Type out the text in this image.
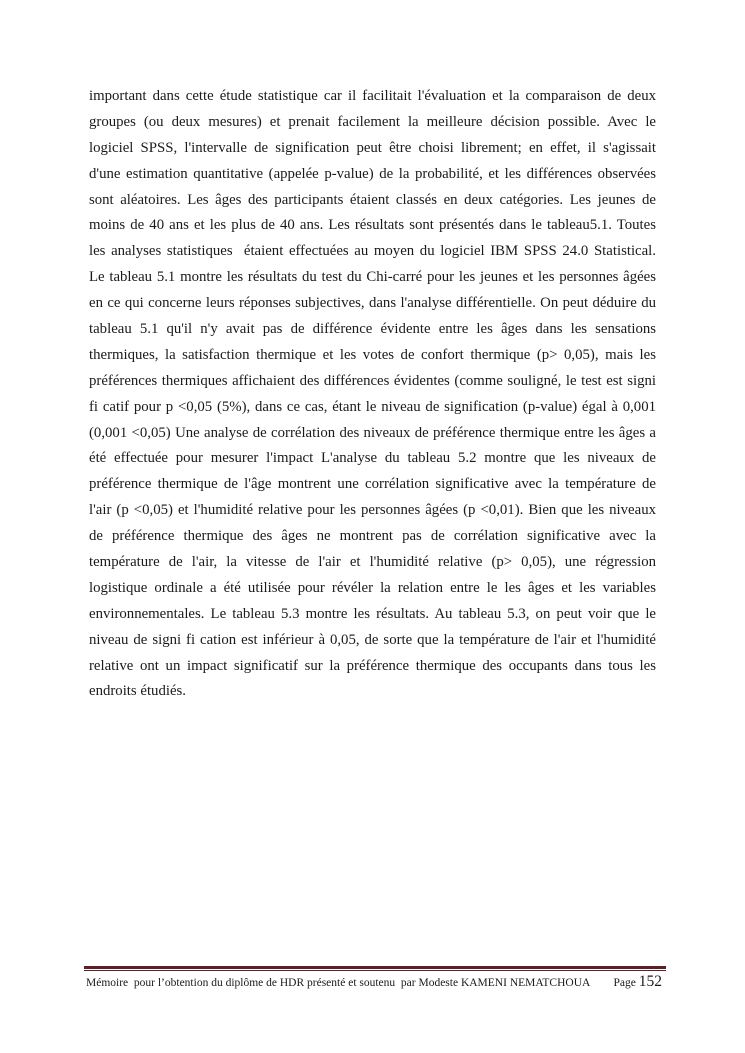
important dans cette étude statistique car il facilitait l'évaluation et la comparaison de deux
groupes (ou deux mesures) et prenait facilement la meilleure décision possible. Avec le
logiciel SPSS, l'intervalle de signification peut être choisi librement; en effet, il s'agissait
d'une estimation quantitative (appelée p-value) de la probabilité, et les différences observées
sont aléatoires. Les âges des participants étaient classés en deux catégories. Les jeunes de
moins de 40 ans et les plus de 40 ans. Les résultats sont présentés dans le tableau5.1. Toutes
les analyses statistiques  étaient effectuées au moyen du logiciel IBM SPSS 24.0 Statistical.
Le tableau 5.1 montre les résultats du test du Chi-carré pour les jeunes et les personnes âgées
en ce qui concerne leurs réponses subjectives, dans l'analyse différentielle. On peut déduire du
tableau 5.1 qu'il n'y avait pas de différence évidente entre les âges dans les sensations
thermiques, la satisfaction thermique et les votes de confort thermique (p> 0,05), mais les
préférences thermiques affichaient des différences évidentes (comme souligné, le test est signi
fi catif pour p <0,05 (5%), dans ce cas, étant le niveau de signification (p-value) égal à 0,001
(0,001 <0,05) Une analyse de corrélation des niveaux de préférence thermique entre les âges a
été effectuée pour mesurer l'impact L'analyse du tableau 5.2 montre que les niveaux de
préférence thermique de l'âge montrent une corrélation significative avec la température de
l'air (p <0,05) et l'humidité relative pour les personnes âgées (p <0,01). Bien que les niveaux
de préférence thermique des âges ne montrent pas de corrélation significative avec la
température de l'air, la vitesse de l'air et l'humidité relative (p> 0,05), une régression
logistique ordinale a été utilisée pour révéler la relation entre le les âges et les variables
environnementales. Le tableau 5.3 montre les résultats. Au tableau 5.3, on peut voir que le
niveau de signi fi cation est inférieur à 0,05, de sorte que la température de l'air et l'humidité
relative ont un impact significatif sur la préférence thermique des occupants dans tous les
endroits étudiés.
Mémoire  pour l’obtention du diplôme de HDR présenté et soutenu  par Modeste KAMENI NEMATCHOUA Page 152
